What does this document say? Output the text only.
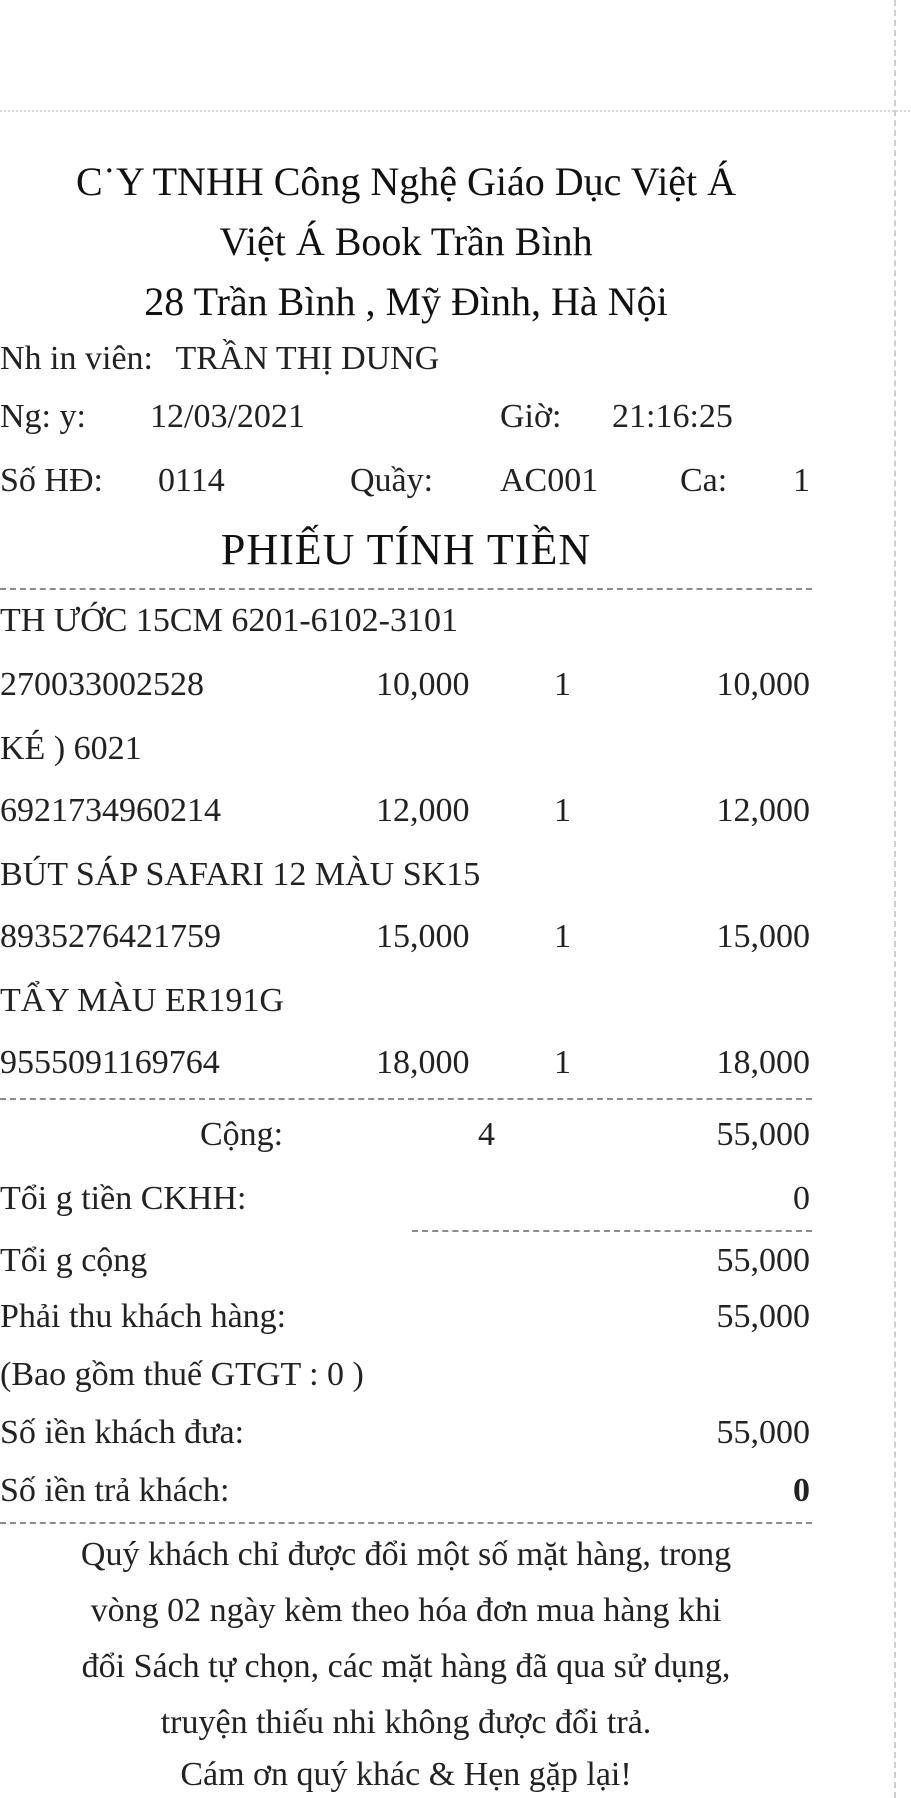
C˙Y TNHH Công Nghệ Giáo Dục Việt Á
Việt Á Book Trần Bình
28 Trần Bình , Mỹ Đình, Hà Nội
Nh in viên: TRẦN THỊ DUNG
Ng: y: 12/03/2021	Giờ: 21:16:25
Số HĐ: 0114	Quầy: AC001 Ca:	1
PHIẾU TÍNH TIỀN
TH ƯỚC 15CM 6201-6102-3101
270033002528	10,000 1	10,000
KÉ ) 6021
6921734960214	12,000 1	12,000
BÚT SÁP SAFARI 12 MÀU SK15
8935276421759	15,000 1	15,000
TẨY MÀU ER191G
9555091169764	18,000 1	18,000
Cộng:	4	55,000
Tổi g tiền CKHH:	0
Tổi g cộng	55,000
Phải thu khách hàng:	55,000
(Bao gồm thuế GTGT : 0 )
Số iền khách đưa:	55,000
Số iền trả khách:	0
Quý khách chỉ được đổi một số mặt hàng, trong
vòng 02 ngày kèm theo hóa đơn mua hàng khi
đổi Sách tự chọn, các mặt hàng đã qua sử dụng,
truyện thiếu nhi không được đổi trả.
Cám ơn quý khác & Hẹn gặp lại!
